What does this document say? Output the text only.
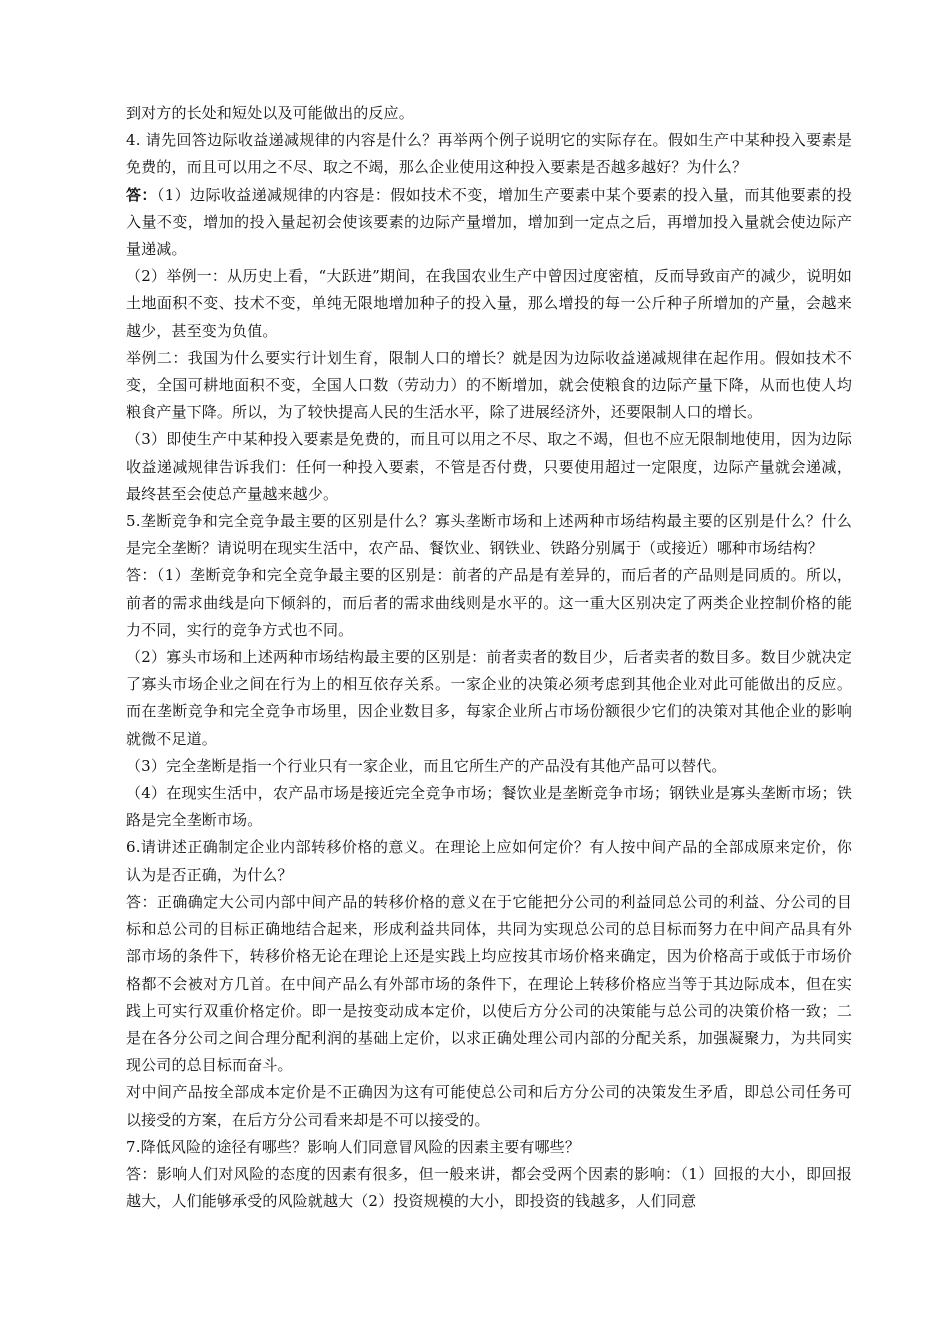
到对方的长处和短处以及可能做出的反应。

4. 请先回答边际收益递减规律的内容是什么？再举两个例子说明它的实际存在。假如生产中某种投入要素是免费的，而且可以用之不尽、取之不竭，那么企业使用这种投入要素是否越多越好？为什么？

答：（1）边际收益递减规律的内容是：假如技术不变，增加生产要素中某个要素的投入量，而其他要素的投入量不变，增加的投入量起初会使该要素的边际产量增加，增加到一定点之后，再增加投入量就会使边际产量递减。

（2）举例一：从历史上看，“大跃进”期间，在我国农业生产中曾因过度密植，反而导致亩产的减少，说明如土地面积不变、技术不变，单纯无限地增加种子的投入量，那么增投的每一公斤种子所增加的产量，会越来越少，甚至变为负值。

举例二：我国为什么要实行计划生育，限制人口的增长？就是因为边际收益递减规律在起作用。假如技术不变，全国可耕地面积不变，全国人口数（劳动力）的不断增加，就会使粮食的边际产量下降，从而也使人均粮食产量下降。所以，为了较快提高人民的生活水平，除了进展经济外，还要限制人口的增长。

（3）即使生产中某种投入要素是免费的，而且可以用之不尽、取之不竭，但也不应无限制地使用，因为边际收益递减规律告诉我们：任何一种投入要素，不管是否付费，只要使用超过一定限度，边际产量就会递减，最终甚至会使总产量越来越少。

5.垄断竞争和完全竞争最主要的区别是什么？寡头垄断市场和上述两种市场结构最主要的区别是什么？什么是完全垄断？请说明在现实生活中，农产品、餐饮业、钢铁业、铁路分别属于（或接近）哪种市场结构？

答：（1）垄断竞争和完全竞争最主要的区别是：前者的产品是有差异的，而后者的产品则是同质的。所以，前者的需求曲线是向下倾斜的，而后者的需求曲线则是水平的。这一重大区别决定了两类企业控制价格的能力不同，实行的竞争方式也不同。

（2）寡头市场和上述两种市场结构最主要的区别是：前者卖者的数目少，后者卖者的数目多。数目少就决定了寡头市场企业之间在行为上的相互依存关系。一家企业的决策必须考虑到其他企业对此可能做出的反应。而在垄断竞争和完全竞争市场里，因企业数目多，每家企业所占市场份额很少它们的决策对其他企业的影响就微不足道。

（3）完全垄断是指一个行业只有一家企业，而且它所生产的产品没有其他产品可以替代。

（4）在现实生活中，农产品市场是接近完全竞争市场；餐饮业是垄断竞争市场；钢铁业是寡头垄断市场；铁路是完全垄断市场。

6.请讲述正确制定企业内部转移价格的意义。在理论上应如何定价？有人按中间产品的全部成原来定价，你认为是否正确，为什么？

答：正确确定大公司内部中间产品的转移价格的意义在于它能把分公司的利益同总公司的利益、分公司的目标和总公司的目标正确地结合起来，形成利益共同体，共同为实现总公司的总目标而努力在中间产品具有外部市场的条件下，转移价格无论在理论上还是实践上均应按其市场价格来确定，因为价格高于或低于市场价格都不会被对方几首。在中间产品么有外部市场的条件下，在理论上转移价格应当等于其边际成本，但在实践上可实行双重价格定价。即一是按变动成本定价，以使后方分公司的决策能与总公司的决策价格一致；二是在各分公司之间合理分配利润的基础上定价，以求正确处理公司内部的分配关系，加强凝聚力，为共同实现公司的总目标而奋斗。

对中间产品按全部成本定价是不正确因为这有可能使总公司和后方分公司的决策发生矛盾，即总公司任务可以接受的方案，在后方分公司看来却是不可以接受的。

7.降低风险的途径有哪些？影响人们同意冒风险的因素主要有哪些？

答：影响人们对风险的态度的因素有很多，但一般来讲，都会受两个因素的影响：（1）回报的大小，即回报越大，人们能够承受的风险就越大（2）投资规模的大小，即投资的钱越多，人们同意
